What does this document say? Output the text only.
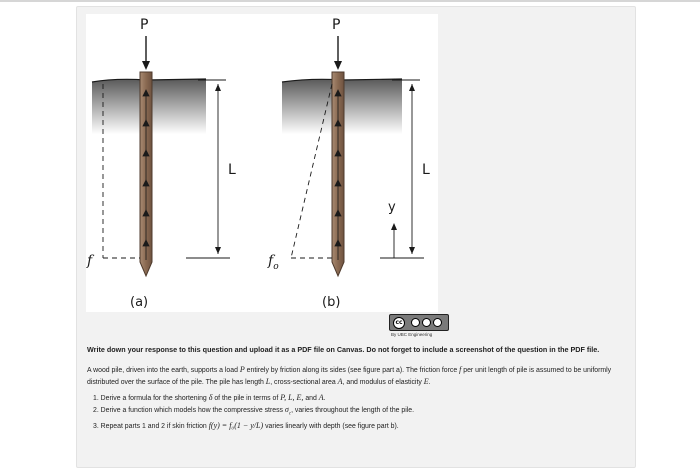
P
f
L
(a)
P
$f_o$
y
L
(b)
cc
By UBC Engineering

Write down your response to this question and upload it as a PDF file on Canvas. Do not forget to include a screenshot of the question in the PDF file.

A wood pile, driven into the earth, supports a load P entirely by friction along its sides (see figure part a). The friction force f per unit length of pile is assumed to be uniformly distributed over the surface of the pile. The pile has length L, cross-sectional area A, and modulus of elasticity E.

1. Derive a formula for the shortening δ of the pile in terms of P, L, E, and A.
2. Derive a function which models how the compressive stress $\sigma_c$, varies throughout the length of the pile.
3. Repeat parts 1 and 2 if skin friction f(y) = f₀(1 − y/L) varies linearly with depth (see figure part b).
